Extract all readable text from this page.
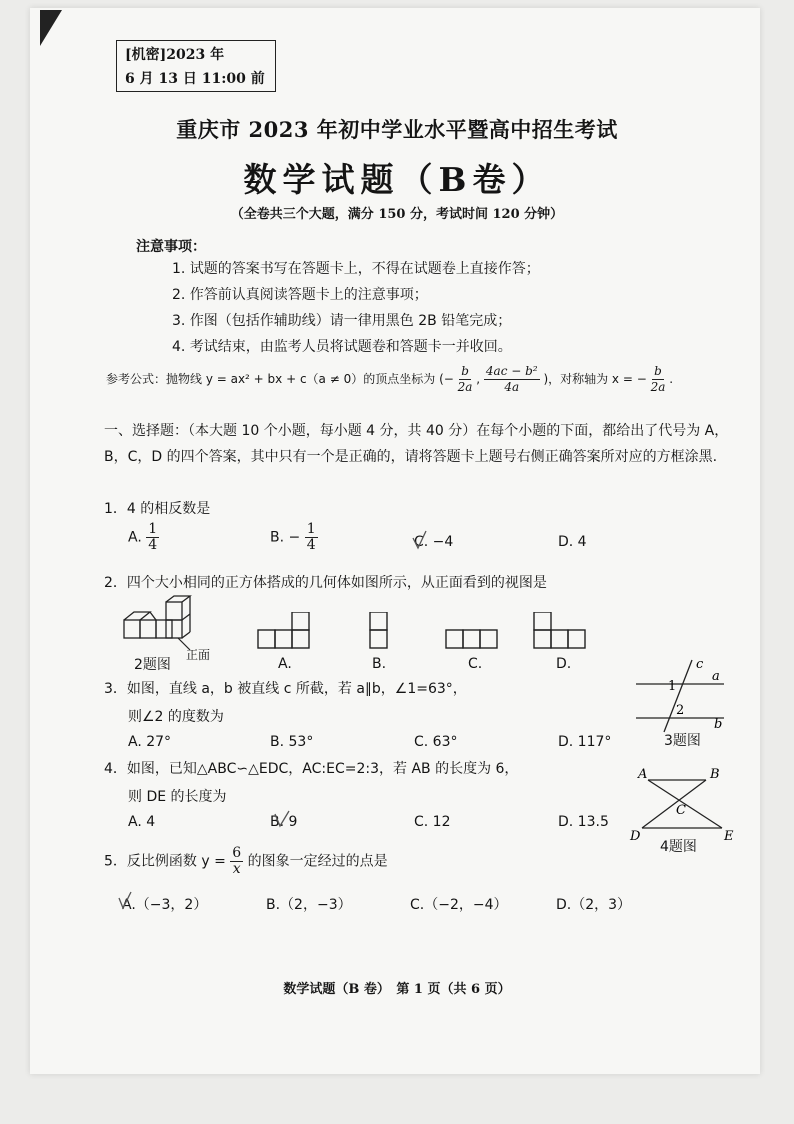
[机密]2023 年
6 月 13 日 11:00 前
重庆市 2023 年初中学业水平暨高中招生考试
数学试题（B卷）
（全卷共三个大题，满分 150 分，考试时间 120 分钟）
注意事项：
1. 试题的答案书写在答题卡上，不得在试题卷上直接作答；
2. 作答前认真阅读答题卡上的注意事项；
3. 作图（包括作辅助线）请一律用黑色 2B 铅笔完成；
4. 考试结束，由监考人员将试题卷和答题卡一并收回。
参考公式：抛物线 y = ax² + bx + c（a ≠ 0）的顶点坐标为 (− $\frac{b}{2a}$ , $\frac{\text{4ac − b²}}{4a}$ )，对称轴为 x = − $\frac{b}{2a}$ .
一、选择题：（本大题 10 个小题，每小题 4 分，共 40 分）在每个小题的下面，都给出了代号为 A，B，C，D 的四个答案，其中只有一个是正确的，请将答题卡上题号右侧正确答案所对应的方框涂黑.
1．4 的相反数是
A. $\frac{1}{4}$	B. − $\frac{1}{4}$	C. −4	D. 4
2．四个大小相同的正方体搭成的几何体如图所示，从正面看到的视图是
正面
2题图	A.	B.	C.	D.
3．如图，直线 a，b 被直线 c 所截，若 a∥b，∠1=63°，
则∠2 的度数为
A. 27°	B. 53°	C. 63°	D. 117°
c
a
b
1
2
3题图
4．如图，已知△ABC∽△EDC，AC:EC=2:3，若 AB 的长度为 6，
则 DE 的长度为
A. 4	B. 9	C. 12	D. 13.5
A	B
C
D	E
4题图
5．反比例函数 $y = \frac{6}{x}$ 的图象一定经过的点是
A.（−3，2）	B.（2，−3）	C.（−2，−4）	D.（2，3）
数学试题（B 卷）　第 1 页（共 6 页）
